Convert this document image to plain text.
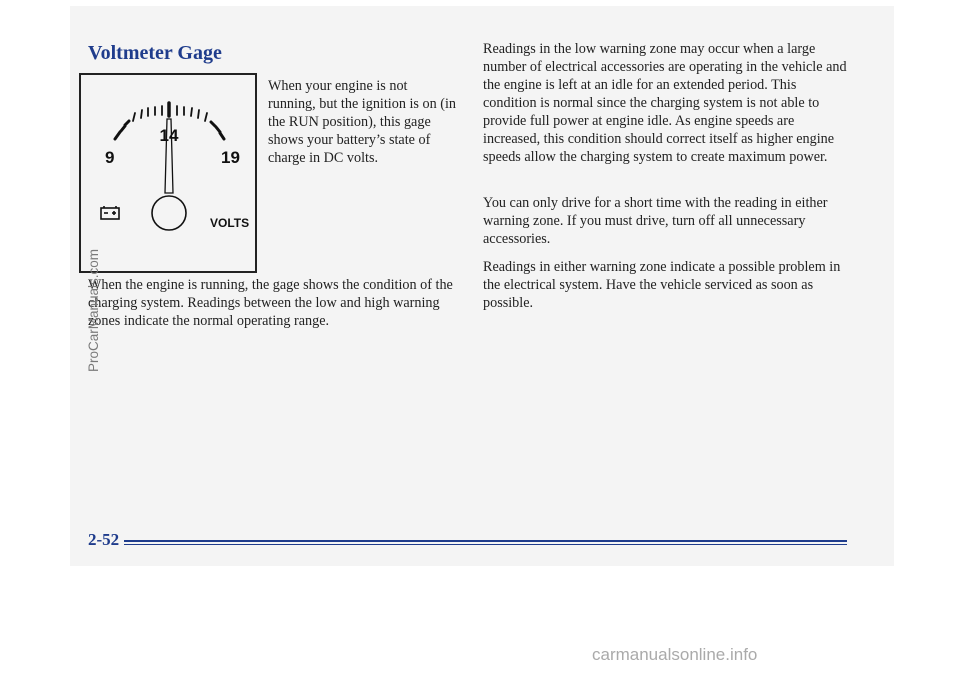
Voltmeter Gage
9
14
19
VOLTS

When your engine is not running, but the ignition is on (in the RUN position), this gage shows your battery’s state of charge in DC volts.

When the engine is running, the gage shows the condition of the charging system. Readings between the low and high warning zones indicate the normal operating range.

Readings in the low warning zone may occur when a large number of electrical accessories are operating in the vehicle and the engine is left at an idle for an extended period. This condition is normal since the charging system is not able to provide full power at engine idle. As engine speeds are increased, this condition should correct itself as higher engine speeds allow the charging system to create maximum power.

You can only drive for a short time with the reading in either warning zone. If you must drive, turn off all unnecessary accessories.

Readings in either warning zone indicate a possible problem in the electrical system. Have the vehicle serviced as soon as possible.

ProCarManuals.com

2-52

carmanualsonline.info
